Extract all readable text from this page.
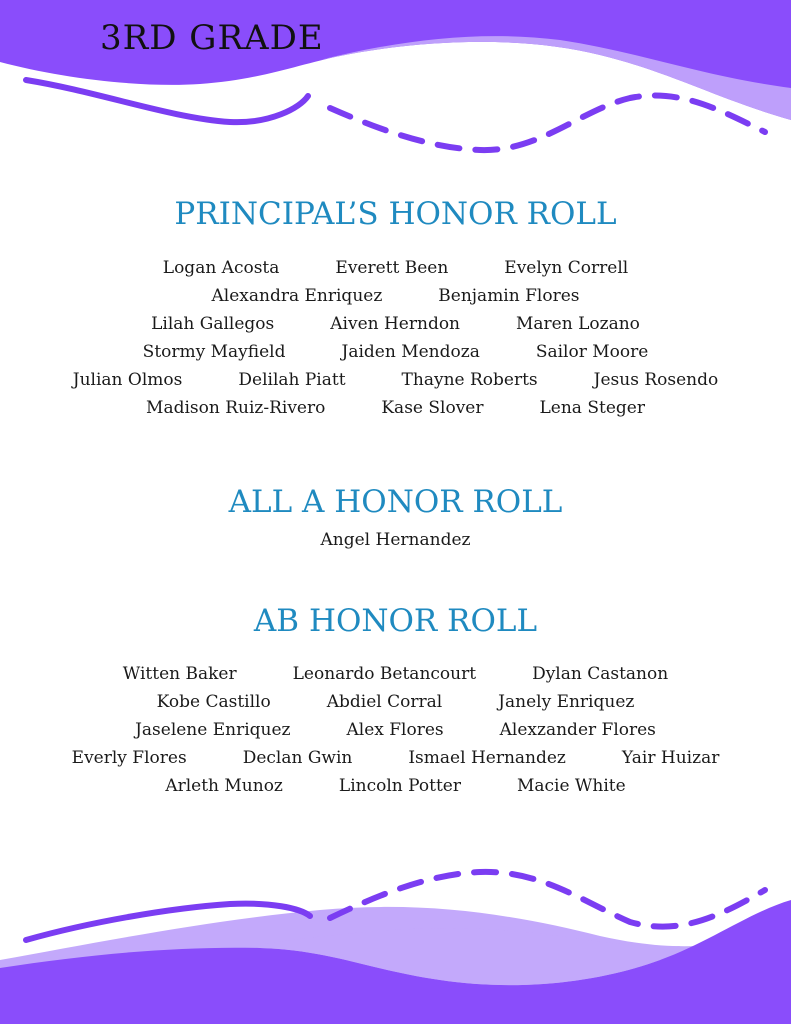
3RD GRADE
PRINCIPAL’S HONOR ROLL
Logan Acosta	Everett Been	Evelyn Correll
Alexandra Enriquez	Benjamin Flores
Lilah Gallegos	Aiven Herndon	Maren Lozano
Stormy Mayfield	Jaiden Mendoza	Sailor Moore
Julian Olmos	Delilah Piatt	Thayne Roberts	Jesus Rosendo
Madison Ruiz-Rivero	Kase Slover	Lena Steger
ALL A HONOR ROLL
Angel Hernandez
AB HONOR ROLL
Witten Baker	Leonardo Betancourt	Dylan Castanon
Kobe Castillo	Abdiel Corral	Janely Enriquez
Jaselene Enriquez	Alex Flores	Alexzander Flores
Everly Flores	Declan Gwin	Ismael Hernandez	Yair Huizar
Arleth Munoz	Lincoln Potter	Macie White
